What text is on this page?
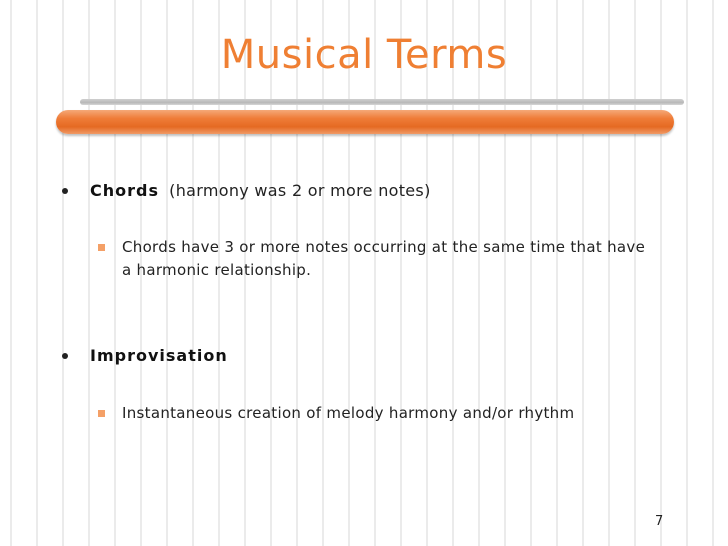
Musical Terms
Chords (harmony was 2 or more notes)
Chords have 3 or more notes occurring at the same time that have a harmonic relationship.
Improvisation
Instantaneous creation of melody harmony and/or rhythm
7
